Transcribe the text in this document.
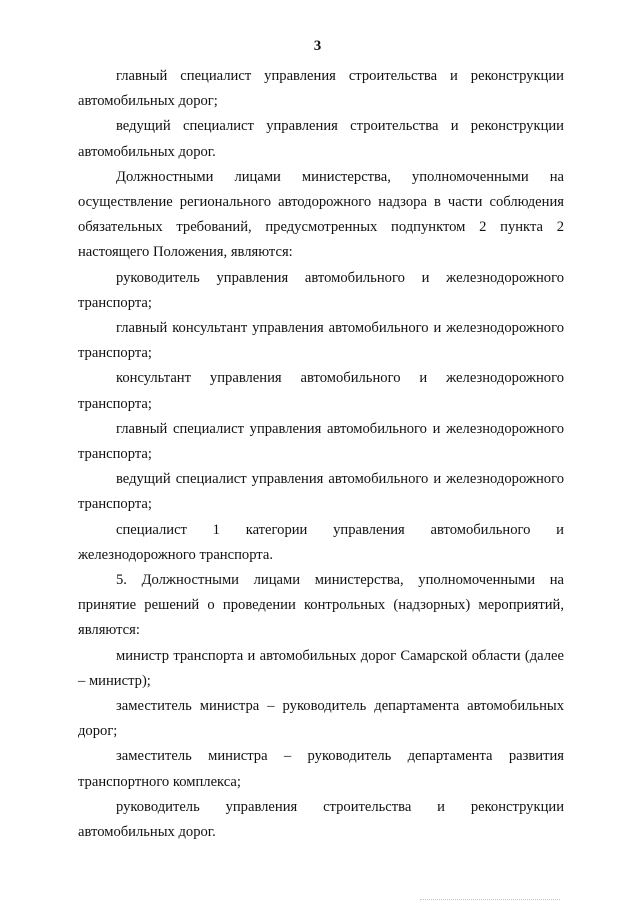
3

главный специалист управления строительства и реконструкции автомобильных дорог;

ведущий специалист управления строительства и реконструкции автомобильных дорог.

Должностными лицами министерства, уполномоченными на осуществление регионального автодорожного надзора в части соблюдения обязательных требований, предусмотренных подпунктом 2 пункта 2 настоящего Положения, являются:

руководитель управления автомобильного и железнодорожного транспорта;

главный консультант управления автомобильного и железнодорожного транспорта;

консультант управления автомобильного и железнодорожного транспорта;

главный специалист управления автомобильного и железнодорожного транспорта;

ведущий специалист управления автомобильного и железнодорожного транспорта;

специалист 1 категории управления автомобильного и железнодорожного транспорта.

5. Должностными лицами министерства, уполномоченными на принятие решений о проведении контрольных (надзорных) мероприятий, являются:

министр транспорта и автомобильных дорог Самарской области (далее – министр);

заместитель министра – руководитель департамента автомобильных дорог;

заместитель министра – руководитель департамента развития транспортного комплекса;

руководитель управления строительства и реконструкции автомобильных дорог.
